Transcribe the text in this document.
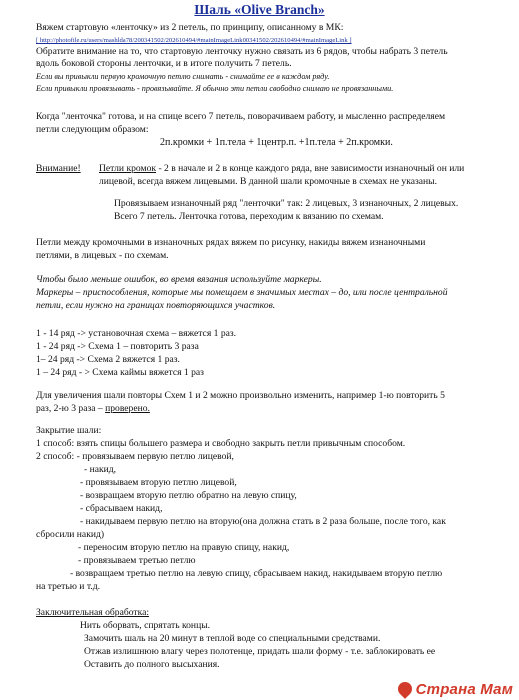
Шаль «Olive Branch»
Вяжем стартовую «ленточку» из 2 петель, по принципу, описанному в МК:
[ http://photofile.ru/users/mashlda78/200341502/202610494/#mainImageLink00341502/202610494/#mainImageLink ]
Обратите внимание на то, что стартовую ленточку нужно связать из 6 рядов, чтобы набрать 3 петель
вдоль боковой стороны ленточки, и в итоге получить 7 петель.
Если вы привыкли первую кромочную петлю снимать - снимайте ее в каждом ряду.
Если привыкли провязывать - провязывайте. Я обычно эти петли свободно снимаю не провязанными.
Когда "ленточка" готова, и на спице всего 7 петель, поворачиваем работу, и мысленно распределяем
петли следующим образом:
2п.кромки + 1п.тела + 1центр.п. +1п.тела + 2п.кромки.
Внимание! Петли кромок - 2 в начале и 2 в конце каждого ряда, вне зависимости изнаночный он или
лицевой, всегда вяжем лицевыми. В данной шали кромочные в схемах не указаны.
Провязываем изнаночный ряд "ленточки" так: 2 лицевых, 3 изнаночных, 2 лицевых.
Всего 7 петель. Ленточка готова, переходим к вязанию по схемам.
Петли между кромочными в изнаночных рядах вяжем по рисунку, накиды вяжем изнаночными
петлями, в лицевых - по схемам.
Чтобы было меньше ошибок, во время вязания используйте маркеры.
Маркеры – приспособления, которые мы помещаем в значимых местах – до, или после центральной
петли, если нужно на границах повторяющихся участков.
1 - 14 ряд -> установочная схема – вяжется 1 раз.
1 - 24 ряд -> Схема 1 – повторить 3 раза
1– 24 ряд -> Схема 2 вяжется 1 раз.
1 – 24 ряд - > Схема каймы вяжется 1 раз
Для увеличения шали повторы Схем 1 и 2 можно произвольно изменить, например 1-ю повторить 5
раз, 2-ю 3 раза – проверено.
Закрытие шали:
1 способ: взять спицы большего размера и свободно закрыть петли привычным способом.
2 способ: - провязываем первую петлю лицевой,
- накид,
- провязываем вторую петлю лицевой,
- возвращаем вторую петлю обратно на левую спицу,
- сбрасываем накид,
- накидываем первую петлю на вторую(она должна стать в 2 раза больше, после того, как
сбросили накид)
- переносим вторую петлю на правую спицу, накид,
- провязываем третью петлю
- возвращаем третью петлю на левую спицу, сбрасываем накид, накидываем вторую петлю
на третью и т.д.
Заключительная обработка:
Нить оборвать, спрятать концы.
Замочить шаль на 20 минут в теплой воде со специальными средствами.
Отжав излишнюю влагу через полотенце, придать шали форму - т.е. заблокировать ее
Оставить до полного высыхания.
Страна Мам
